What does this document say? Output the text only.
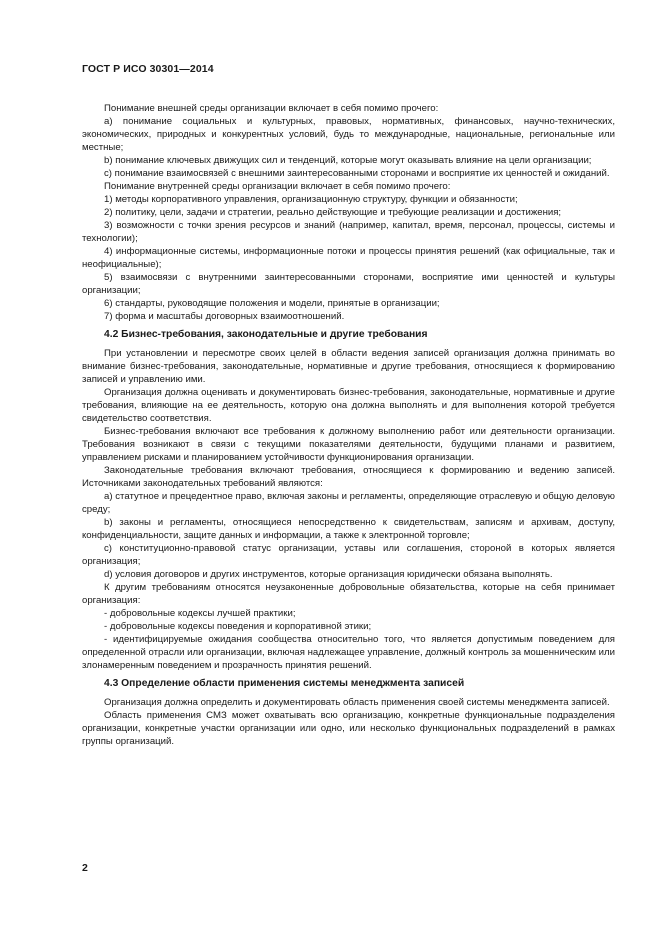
ГОСТ Р ИСО 30301—2014

Понимание внешней среды организации включает в себя помимо прочего:

a) понимание социальных и культурных, правовых, нормативных, финансовых, научно-технических, экономических, природных и конкурентных условий, будь то международные, национальные, региональные или местные;

b) понимание ключевых движущих сил и тенденций, которые могут оказывать влияние на цели организации;

c) понимание взаимосвязей с внешними заинтересованными сторонами и восприятие их ценностей и ожиданий.

Понимание внутренней среды организации включает в себя помимо прочего:

1) методы корпоративного управления, организационную структуру, функции и обязанности;

2) политику, цели, задачи и стратегии, реально действующие и требующие реализации и достижения;

3) возможности с точки зрения ресурсов и знаний (например, капитал, время, персонал, процессы, системы и технологии);

4) информационные системы, информационные потоки и процессы принятия решений (как официальные, так и неофициальные);

5) взаимосвязи с внутренними заинтересованными сторонами, восприятие ими ценностей и культуры организации;

6) стандарты, руководящие положения и модели, принятые в организации;

7) форма и масштабы договорных взаимоотношений.

4.2 Бизнес-требования, законодательные и другие требования

При установлении и пересмотре своих целей в области ведения записей организация должна принимать во внимание бизнес-требования, законодательные, нормативные и другие требования, относящиеся к формированию записей и управлению ими.

Организация должна оценивать и документировать бизнес-требования, законодательные, нормативные и другие требования, влияющие на ее деятельность, которую она должна выполнять и для выполнения которой требуется свидетельство соответствия.

Бизнес-требования включают все требования к должному выполнению работ или деятельности организации. Требования возникают в связи с текущими показателями деятельности, будущими планами и развитием, управлением рисками и планированием устойчивости функционирования организации.

Законодательные требования включают требования, относящиеся к формированию и ведению записей. Источниками законодательных требований являются:

a) статутное и прецедентное право, включая законы и регламенты, определяющие отраслевую и общую деловую среду;

b) законы и регламенты, относящиеся непосредственно к свидетельствам, записям и архивам, доступу, конфиденциальности, защите данных и информации, а также к электронной торговле;

c) конституционно-правовой статус организации, уставы или соглашения, стороной в которых является организация;

d) условия договоров и других инструментов, которые организация юридически обязана выполнять.

К другим требованиям относятся неузаконенные добровольные обязательства, которые на себя принимает организация:

- добровольные кодексы лучшей практики;

- добровольные кодексы поведения и корпоративной этики;

- идентифицируемые ожидания сообщества относительно того, что является допустимым поведением для определенной отрасли или организации, включая надлежащее управление, должный контроль за мошенническим или злонамеренным поведением и прозрачность принятия решений.

4.3 Определение области применения системы менеджмента записей

Организация должна определить и документировать область применения своей системы менеджмента записей.

Область применения СМЗ может охватывать всю организацию, конкретные функциональные подразделения организации, конкретные участки организации или одно, или несколько функциональных подразделений в рамках группы организаций.

2
